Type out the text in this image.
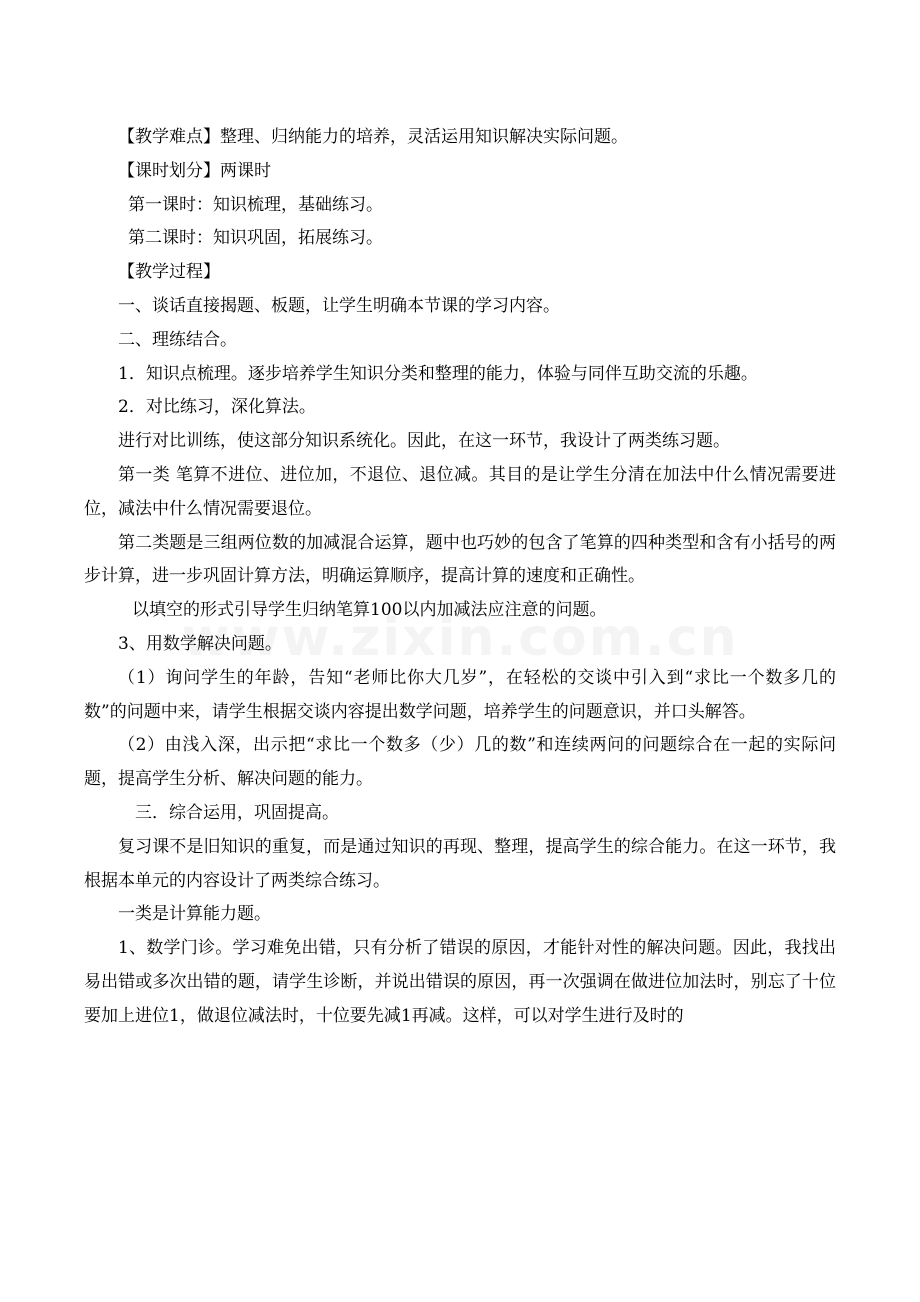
【教学难点】整理、归纳能力的培养，灵活运用知识解决实际问题。

【课时划分】两课时

第一课时：知识梳理，基础练习。

第二课时：知识巩固，拓展练习。

【教学过程】

一、谈话直接揭题、板题，让学生明确本节课的学习内容。

二、理练结合。

1．知识点梳理。逐步培养学生知识分类和整理的能力，体验与同伴互助交流的乐趣。

2．对比练习，深化算法。

进行对比训练，使这部分知识系统化。因此，在这一环节，我设计了两类练习题。

第一类 笔算不进位、进位加，不退位、退位减。其目的是让学生分清在加法中什么情况需要进位，减法中什么情况需要退位。

第二类题是三组两位数的加减混合运算，题中也巧妙的包含了笔算的四种类型和含有小括号的两步计算，进一步巩固计算方法，明确运算顺序，提高计算的速度和正确性。

以填空的形式引导学生归纳笔算100以内加减法应注意的问题。

3、用数学解决问题。

（1）询问学生的年龄，告知“老师比你大几岁”，在轻松的交谈中引入到“求比一个数多几的数”的问题中来，请学生根据交谈内容提出数学问题，培养学生的问题意识，并口头解答。

（2）由浅入深，出示把“求比一个数多（少）几的数”和连续两问的问题综合在一起的实际问题，提高学生分析、解决问题的能力。

三．综合运用，巩固提高。

复习课不是旧知识的重复，而是通过知识的再现、整理，提高学生的综合能力。在这一环节，我根据本单元的内容设计了两类综合练习。

一类是计算能力题。

1、数学门诊。学习难免出错，只有分析了错误的原因，才能针对性的解决问题。因此，我找出易出错或多次出错的题，请学生诊断，并说出错误的原因，再一次强调在做进位加法时，别忘了十位要加上进位1，做退位减法时，十位要先减1再减。这样，可以对学生进行及时的
